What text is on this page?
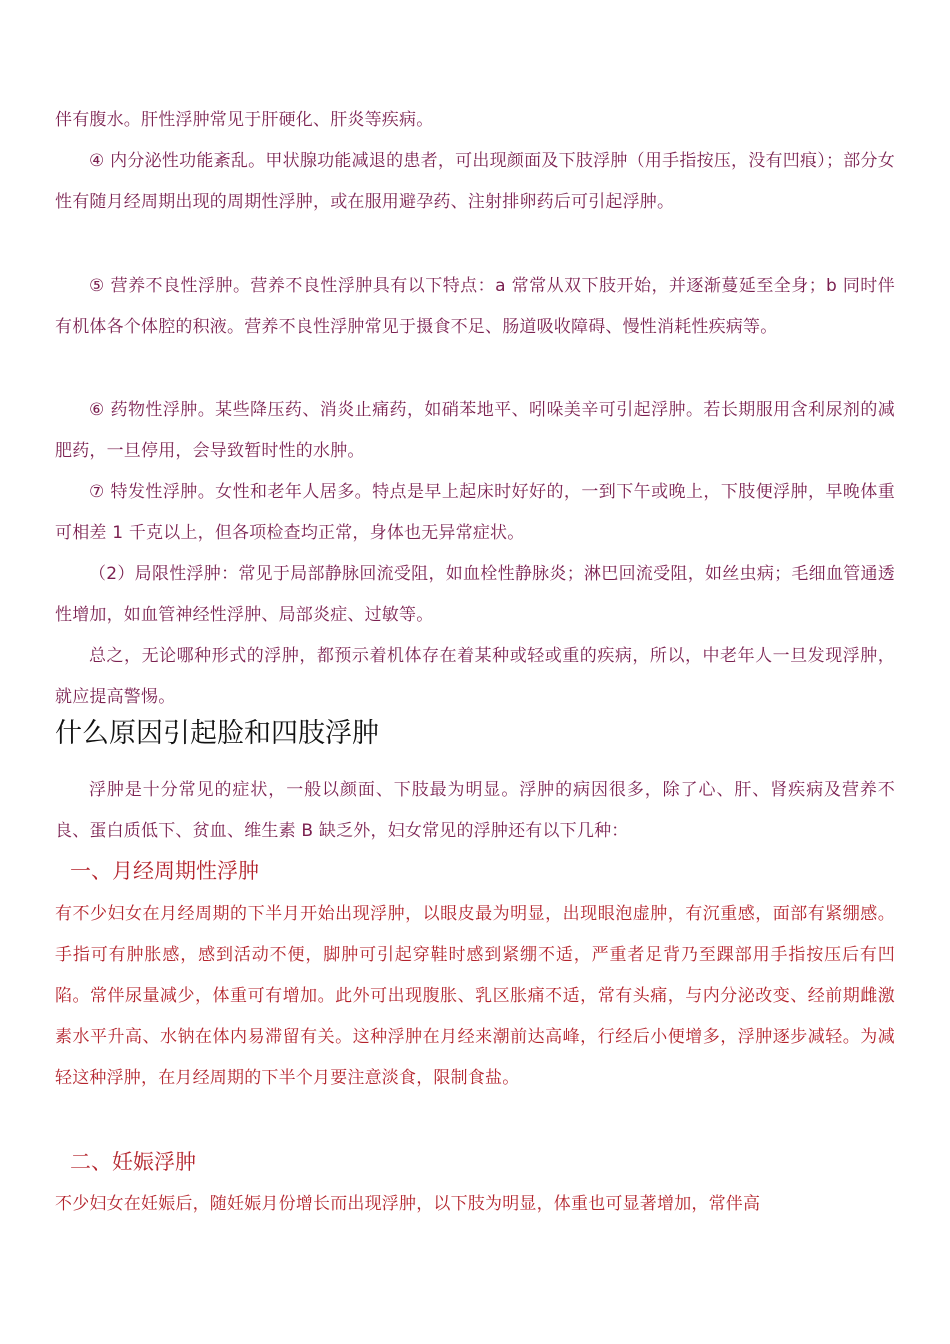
伴有腹水。肝性浮肿常见于肝硬化、肝炎等疾病。

④ 内分泌性功能紊乱。甲状腺功能减退的患者，可出现颜面及下肢浮肿（用手指按压，没有凹痕）；部分女性有随月经周期出现的周期性浮肿，或在服用避孕药、注射排卵药后可引起浮肿。

⑤ 营养不良性浮肿。营养不良性浮肿具有以下特点：a 常常从双下肢开始，并逐渐蔓延至全身；b 同时伴有机体各个体腔的积液。营养不良性浮肿常见于摄食不足、肠道吸收障碍、慢性消耗性疾病等。

⑥ 药物性浮肿。某些降压药、消炎止痛药，如硝苯地平、吲哚美辛可引起浮肿。若长期服用含利尿剂的减肥药，一旦停用，会导致暂时性的水肿。

⑦ 特发性浮肿。女性和老年人居多。特点是早上起床时好好的，一到下午或晚上，下肢便浮肿，早晚体重可相差 1 千克以上，但各项检查均正常，身体也无异常症状。

（2）局限性浮肿：常见于局部静脉回流受阻，如血栓性静脉炎；淋巴回流受阻，如丝虫病；毛细血管通透性增加，如血管神经性浮肿、局部炎症、过敏等。

总之，无论哪种形式的浮肿，都预示着机体存在着某种或轻或重的疾病，所以，中老年人一旦发现浮肿，就应提高警惕。

什么原因引起脸和四肢浮肿

浮肿是十分常见的症状，一般以颜面、下肢最为明显。浮肿的病因很多，除了心、肝、肾疾病及营养不良、蛋白质低下、贫血、维生素 B 缺乏外，妇女常见的浮肿还有以下几种：

一、月经周期性浮肿

有不少妇女在月经周期的下半月开始出现浮肿，以眼皮最为明显，出现眼泡虚肿，有沉重感，面部有紧绷感。手指可有肿胀感，感到活动不便，脚肿可引起穿鞋时感到紧绷不适，严重者足背乃至踝部用手指按压后有凹陷。常伴尿量减少，体重可有增加。此外可出现腹胀、乳区胀痛不适，常有头痛，与内分泌改变、经前期雌激素水平升高、水钠在体内易滞留有关。这种浮肿在月经来潮前达高峰，行经后小便增多，浮肿逐步减轻。为减轻这种浮肿，在月经周期的下半个月要注意淡食，限制食盐。

二、妊娠浮肿

不少妇女在妊娠后，随妊娠月份增长而出现浮肿，以下肢为明显，体重也可显著增加，常伴高
